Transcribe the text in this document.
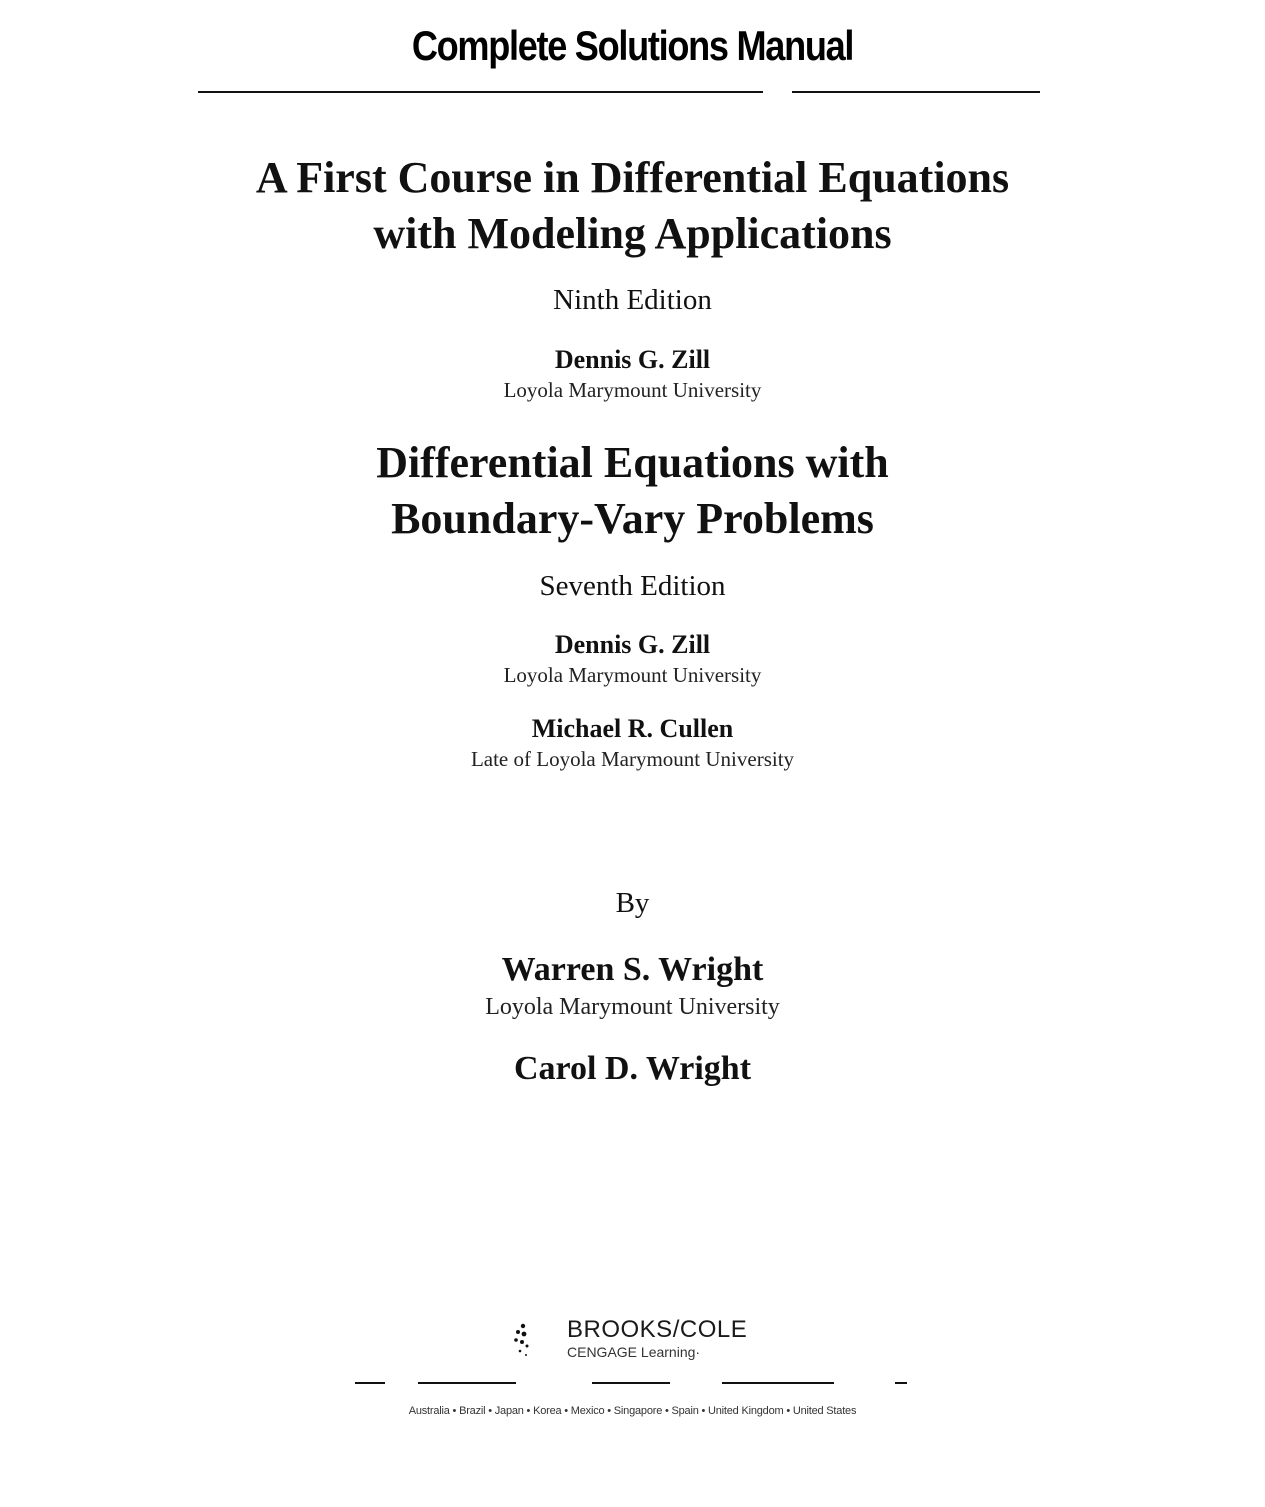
Complete Solutions Manual
A First Course in Differential Equations
with Modeling Applications
Ninth Edition
Dennis G. Zill
Loyola Marymount University
Differential Equations with
Boundary-Vary Problems
Seventh Edition
Dennis G. Zill
Loyola Marymount University
Michael R. Cullen
Late of Loyola Marymount University
By
Warren S. Wright
Loyola Marymount University
Carol D. Wright
BROOKS/COLE
CENGAGE Learning·
Australia • Brazil • Japan • Korea • Mexico • Singapore • Spain • United Kingdom • United States
